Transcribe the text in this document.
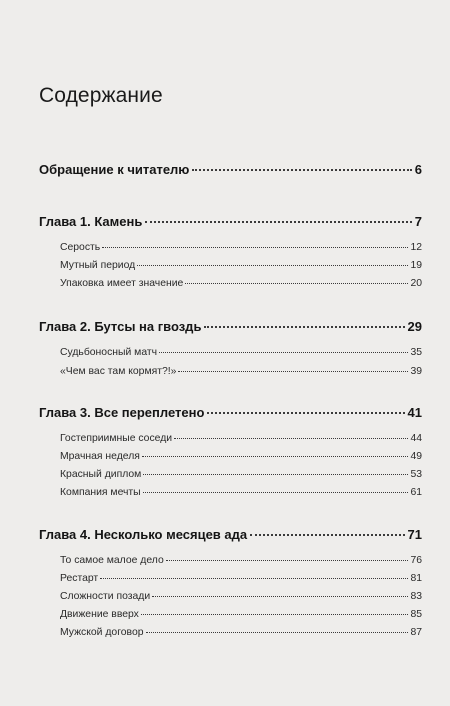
Содержание
Обращение к читателю	6
Глава 1. Камень	7
Серость	12
Мутный период	19
Упаковка имеет значение	20
Глава 2. Бутсы на гвоздь	29
Судьбоносный матч	35
«Чем вас там кормят?!»	39
Глава 3. Все переплетено	41
Гостеприимные соседи	44
Мрачная неделя	49
Красный диплом	53
Компания мечты	61
Глава 4. Несколько месяцев ада	71
То самое малое дело	76
Рестарт	81
Сложности позади	83
Движение вверх	85
Мужской договор	87
